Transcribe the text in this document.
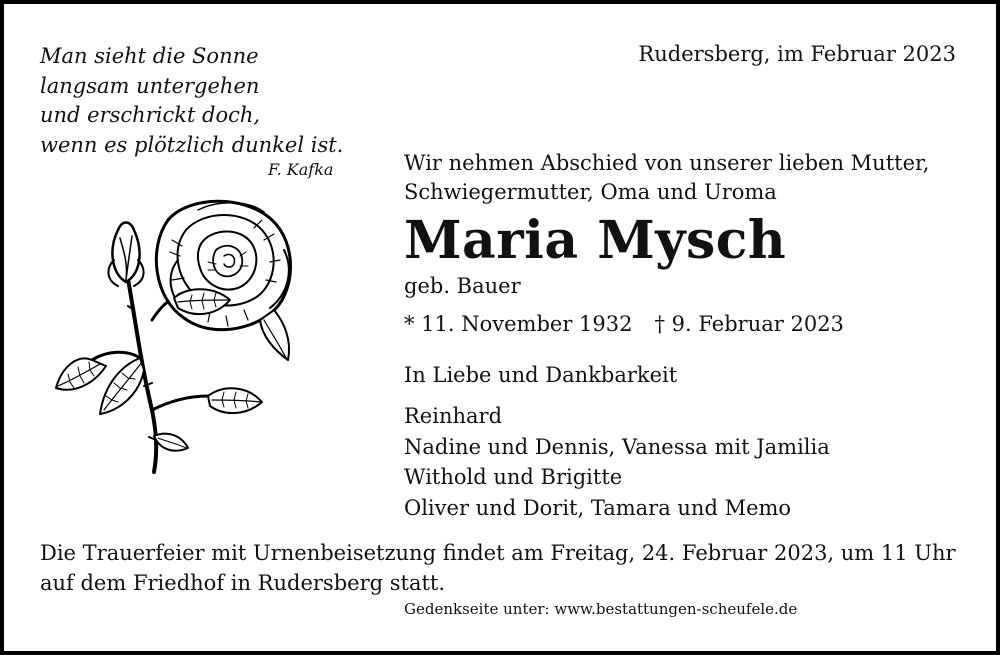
Man sieht die Sonne
langsam untergehen
und erschrickt doch,
wenn es plötzlich dunkel ist.
F. Kafka
Rudersberg, im Februar 2023
Wir nehmen Abschied von unserer lieben Mutter,
Schwiegermutter, Oma und Uroma
Maria Mysch
geb. Bauer
* 11. November 1932 † 9. Februar 2023
In Liebe und Dankbarkeit
Reinhard
Nadine und Dennis, Vanessa mit Jamilia
Withold und Brigitte
Oliver und Dorit, Tamara und Memo
Die Trauerfeier mit Urnenbeisetzung findet am Freitag, 24. Februar 2023, um 11 Uhr
auf dem Friedhof in Rudersberg statt.
Gedenkseite unter: www.bestattungen-scheufele.de
